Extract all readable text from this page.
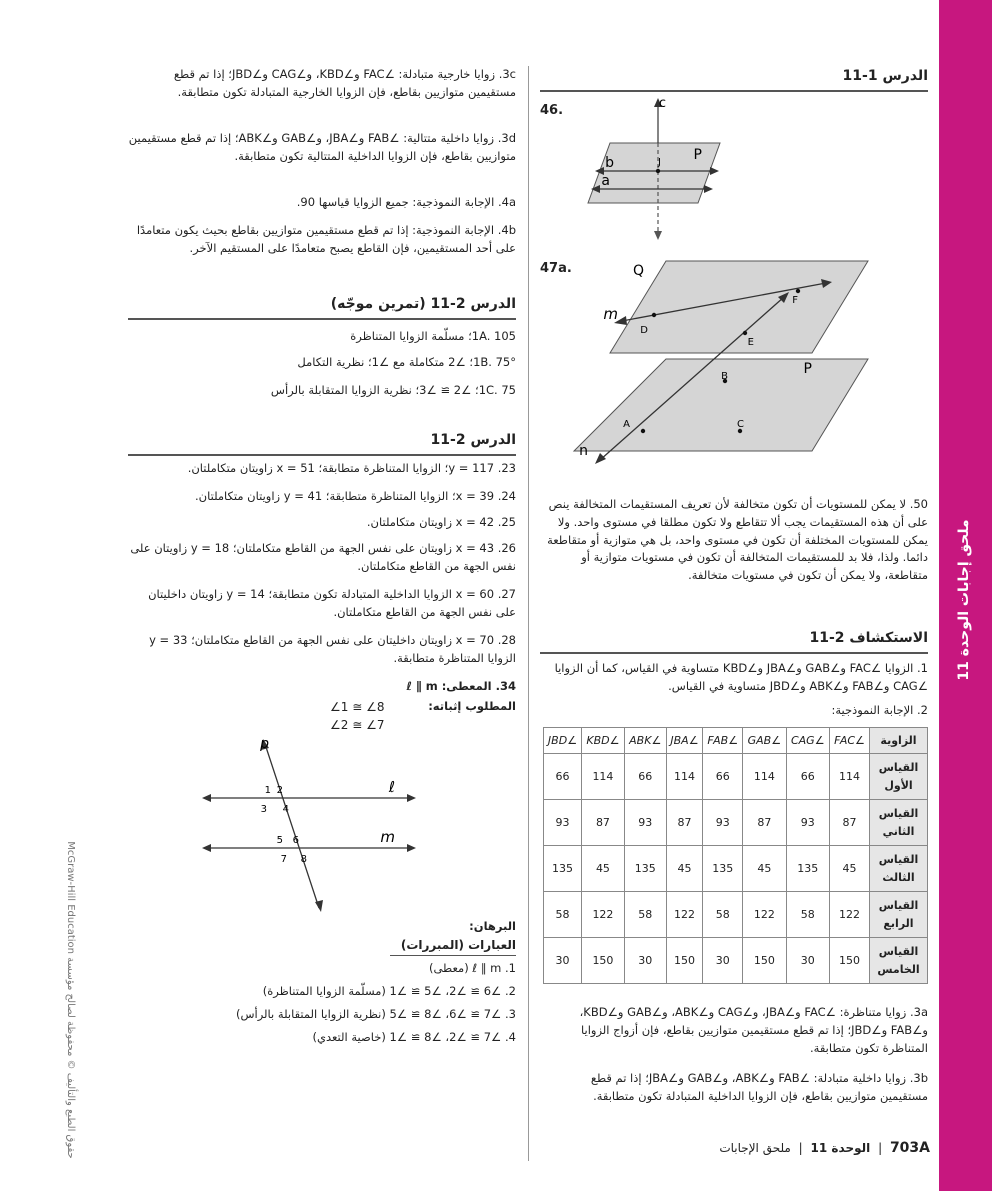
ملحق إجابات الوحدة 11
حقوق الطبع والتأليف © محفوظة لصالح مؤسسة McGraw-Hill Education
الدرس 1-11
46.	c
b	J
a
P
47a.	Q
m
D
F
E
P
B
A	C
n
50. لا يمكن للمستويات أن تكون متخالفة لأن تعريف المستقيمات المتخالفة ينص على أن هذه المستقيمات يجب ألا تتقاطع ولا تكون مطلقا في مستوى واحد. ولا يمكن للمستويات المختلفة أن تكون في مستوى واحد، بل هي متوازية أو متقاطعة دائما. ولذا، فلا بد للمستقيمات المتخالفة أن تكون في مستويات متوازية أو متقاطعة، ولا يمكن أن تكون في مستويات متخالفة.
الاستكشاف 2-11
1. الزوايا ∠FAC و∠GAB و∠JBA و∠KBD متساوية في القياس، كما أن الزوايا ∠CAG و∠FAB و∠ABK و∠JBD متساوية في القياس.
2. الإجابة النموذجية:
الزاوية	∠FAC	∠CAG	∠GAB	∠FAB	∠JBA	∠ABK	∠KBD	∠JBD
القياس الأول	114	66	114	66	114	66	114	66
القياس الثاني	87	93	87	93	87	93	87	93
القياس الثالث	45	135	45	135	45	135	45	135
القياس الرابع	122	58	122	58	122	58	122	58
القياس الخامس	150	30	150	30	150	30	150	30
3a. زوايا متناظرة: ∠FAC و∠JBA، و∠CAG و∠ABK، و∠GAB و∠KBD، و∠FAB و∠JBD؛ إذا تم قطع مستقيمين متوازيين بقاطع، فإن أزواج الزوايا المتناظرة تكون متطابقة.
3b. زوايا داخلية متبادلة: ∠FAB و∠ABK، و∠GAB و∠JBA؛ إذا تم قطع مستقيمين متوازيين بقاطع، فإن الزوايا الداخلية المتبادلة تكون متطابقة.
3c. زوايا خارجية متبادلة: ∠FAC و∠KBD، و∠CAG و∠JBD؛ إذا تم قطع مستقيمين متوازيين بقاطع، فإن الزوايا الخارجية المتبادلة تكون متطابقة.
3d. زوايا داخلية متتالية: ∠FAB و∠JBA، و∠GAB و∠ABK؛ إذا تم قطع مستقيمين متوازيين بقاطع، فإن الزوايا الداخلية المتتالية تكون متطابقة.
4a. الإجابة النموذجية: جميع الزوايا قياسها 90.
4b. الإجابة النموذجية: إذا تم قطع مستقيمين متوازيين بقاطع بحيث يكون متعامدًا على أحد المستقيمين، فإن القاطع يصبح متعامدًا على المستقيم الآخر.
الدرس 2-11 (تمرين موجّه)
1A. 105؛ مسلّمة الزوايا المتناظرة
1B. 75°؛ ∠2 متكاملة مع ∠1؛ نظرية التكامل
1C. 75؛ ∠2 ≅ ∠3؛ نظرية الزوايا المتقابلة بالرأس
الدرس 2-11
23. y = 117؛ الزوايا المتناظرة متطابقة؛ x = 51 زاويتان متكاملتان.
24. x = 39؛ الزوايا المتناظرة متطابقة؛ y = 41 زاويتان متكاملتان.
25. x = 42 زاويتان متكاملتان.
26. x = 43 زاويتان على نفس الجهة من القاطع متكاملتان؛ y = 18 زاويتان على نفس الجهة من القاطع متكاملتان.
27. x = 60 الزوايا الداخلية المتبادلة تكون متطابقة؛ y = 14 زاويتان داخليتان على نفس الجهة من القاطع متكاملتان.
28. x = 70 زاويتان داخليتان على نفس الجهة من القاطع متكاملتان؛ y = 33 الزوايا المتناظرة متطابقة.
34. المعطى: ℓ ∥ m
المطلوب إثباته:
∠1 ≅ ∠8
∠2 ≅ ∠7
p
ℓ
m
1 2
3 4
5 6
7 8
البرهان:
العبارات (المبررات)
1. ℓ ∥ m (معطى)
2. ∠6 ≅ ∠2، ∠5 ≅ ∠1 (مسلّمة الزوايا المتناظرة)
3. ∠7 ≅ ∠6، ∠8 ≅ ∠5 (نظرية الزوايا المتقابلة بالرأس)
4. ∠7 ≅ ∠2، ∠8 ≅ ∠1 (خاصية التعدي)
703A | الوحدة 11 | ملحق الإجابات
